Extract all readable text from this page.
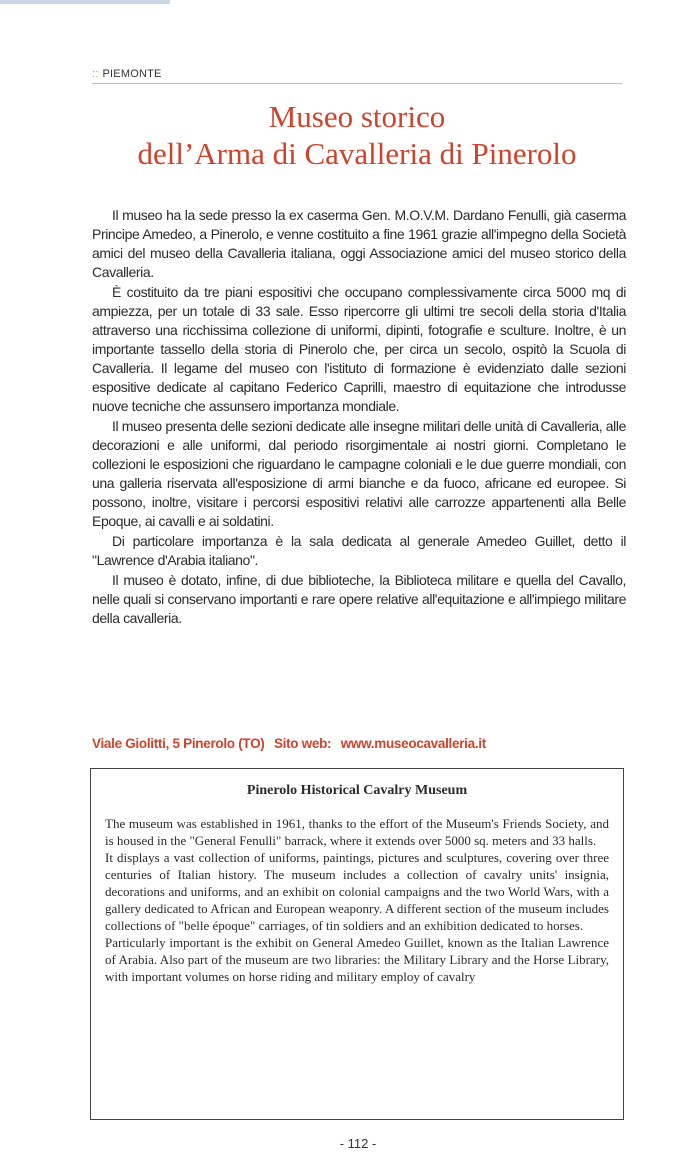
:: PIEMONTE
Museo storico
dell’Arma di Cavalleria di Pinerolo

Il museo ha la sede presso la ex caserma Gen. M.O.V.M. Dardano Fenulli, già caserma Principe Amedeo, a Pinerolo, e venne costituito a fine 1961 grazie all'impegno della Società amici del museo della Cavalleria italiana, oggi Associazione amici del museo storico della Cavalleria.

È costituito da tre piani espositivi che occupano complessivamente circa 5000 mq di ampiezza, per un totale di 33 sale. Esso ripercorre gli ultimi tre secoli della storia d'Italia attraverso una ricchissima collezione di uniformi, dipinti, fotografie e sculture. Inoltre, è un importante tassello della storia di Pinerolo che, per circa un secolo, ospitò la Scuola di Cavalleria. Il legame del museo con l'istituto di formazione è evidenziato dalle sezioni espositive dedicate al capitano Federico Caprilli, maestro di equitazione che introdusse nuove tecniche che assunsero importanza mondiale.

Il museo presenta delle sezioni dedicate alle insegne militari delle unità di Cavalleria, alle decorazioni e alle uniformi, dal periodo risorgimentale ai nostri giorni. Completano le collezioni le esposizioni che riguardano le campagne coloniali e le due guerre mondiali, con una galleria riservata all'esposizione di armi bianche e da fuoco, africane ed europee. Si possono, inoltre, visitare i percorsi espositivi relativi alle carrozze appartenenti alla Belle Epoque, ai cavalli e ai soldatini.

Di particolare importanza è la sala dedicata al generale Amedeo Guillet, detto il "Lawrence d'Arabia italiano".

Il museo è dotato, infine, di due biblioteche, la Biblioteca militare e quella del Cavallo, nelle quali si conservano importanti e rare opere relative all'equitazione e all'impiego militare della cavalleria.

Viale Giolitti, 5 Pinerolo (TO) Sito web: www.museocavalleria.it
Pinerolo Historical Cavalry Museum

The museum was established in 1961, thanks to the effort of the Museum's Friends Society, and is housed in the "General Fenulli" barrack, where it extends over 5000 sq. meters and 33 halls.

It displays a vast collection of uniforms, paintings, pictures and sculptures, covering over three centuries of Italian history. The museum includes a collection of cavalry units' insignia, decorations and uniforms, and an exhibit on colonial campaigns and the two World Wars, with a gallery dedicated to African and European weaponry. A different section of the museum includes collections of "belle époque" carriages, of tin soldiers and an exhibition dedicated to horses.

Particularly important is the exhibit on General Amedeo Guillet, known as the Italian Lawrence of Arabia. Also part of the museum are two libraries: the Military Library and the Horse Library, with important volumes on horse riding and military employ of cavalry

- 112 -
